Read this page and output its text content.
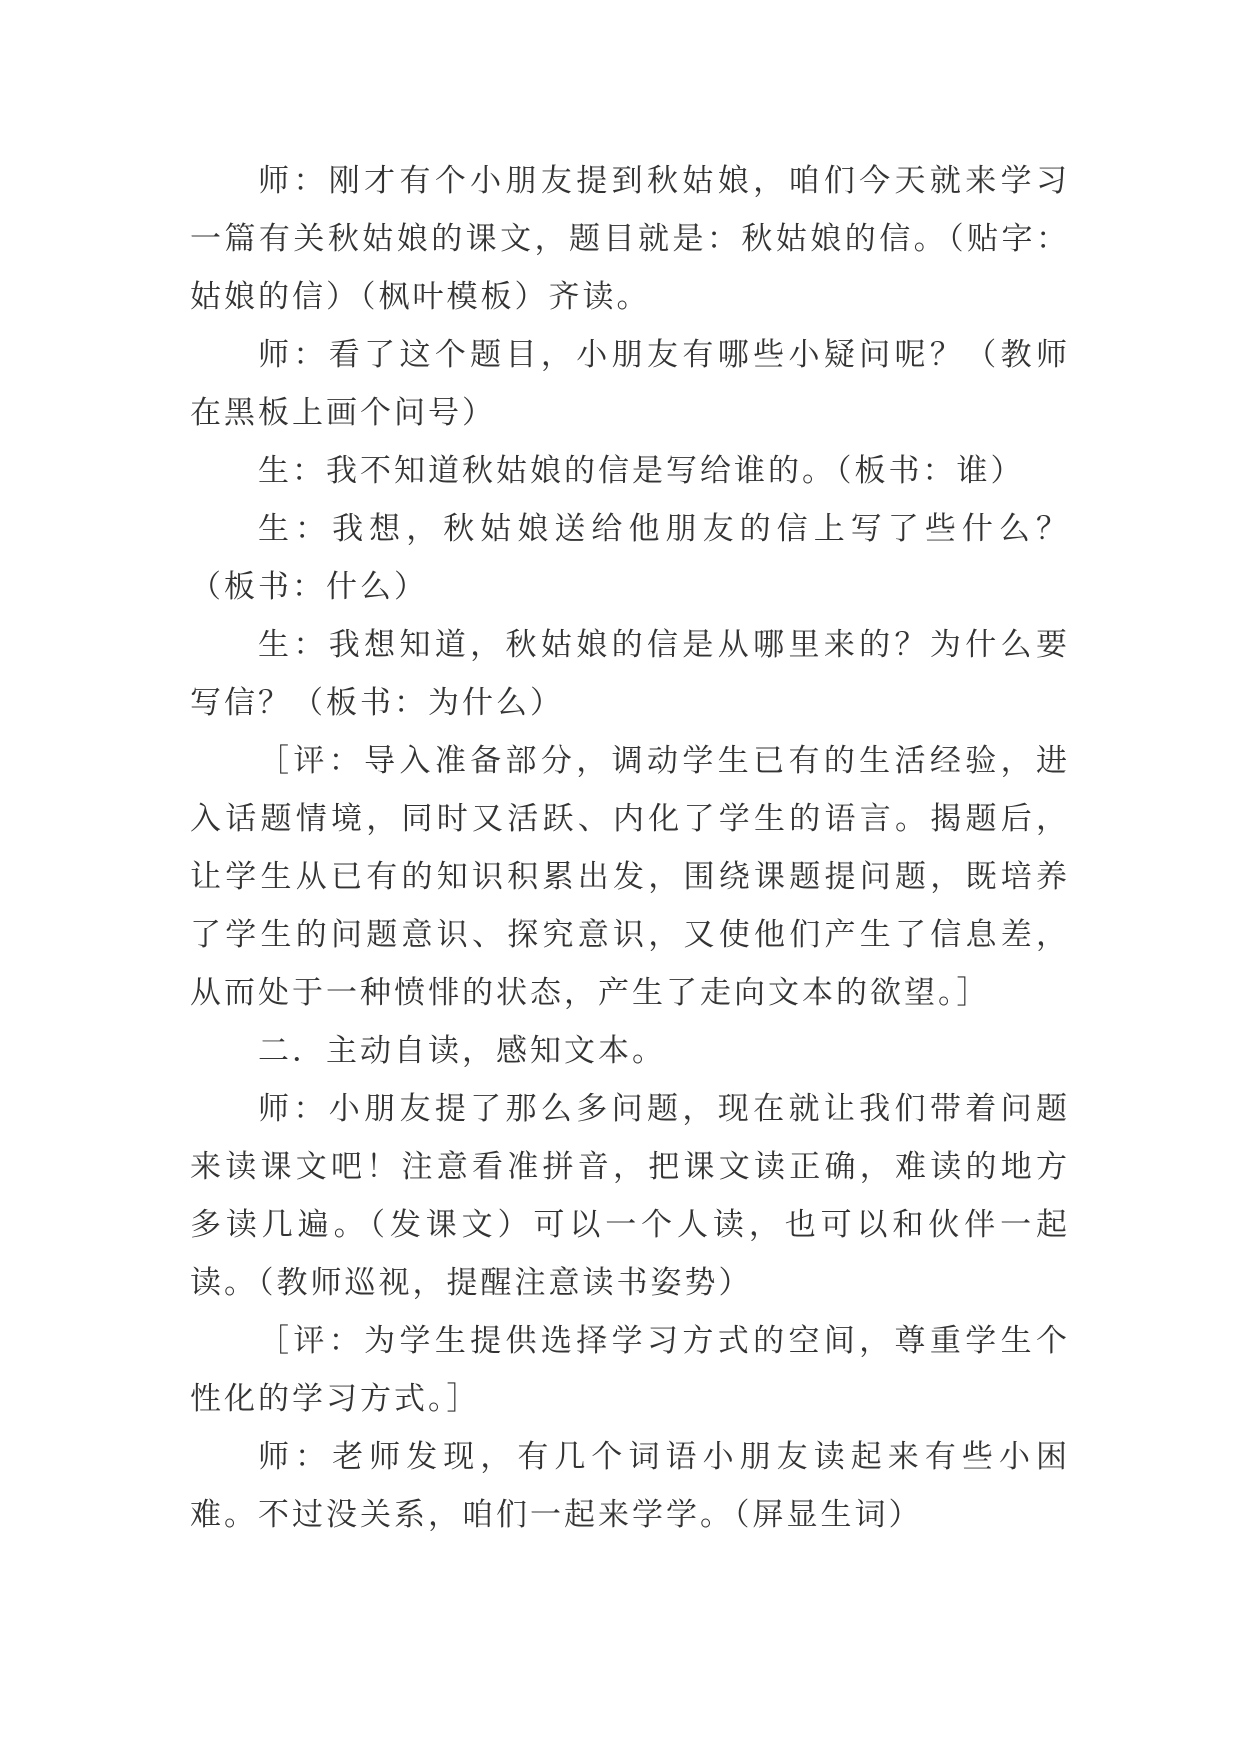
师：刚才有个小朋友提到秋姑娘，咱们今天就来学习一篇有关秋姑娘的课文，题目就是：秋姑娘的信。（贴字：姑娘的信）（枫叶模板）齐读。

师：看了这个题目，小朋友有哪些小疑问呢？（教师在黑板上画个问号）

生：我不知道秋姑娘的信是写给谁的。（板书：谁）

生：我想，秋姑娘送给他朋友的信上写了些什么？（板书：什么）

生：我想知道，秋姑娘的信是从哪里来的？为什么要写信？（板书：为什么）

［评：导入准备部分，调动学生已有的生活经验，进入话题情境，同时又活跃、内化了学生的语言。揭题后，让学生从已有的知识积累出发，围绕课题提问题，既培养了学生的问题意识、探究意识，又使他们产生了信息差，从而处于一种愤悱的状态，产生了走向文本的欲望。］

二．主动自读，感知文本。

师：小朋友提了那么多问题，现在就让我们带着问题来读课文吧！注意看准拼音，把课文读正确，难读的地方多读几遍。（发课文）可以一个人读，也可以和伙伴一起读。（教师巡视，提醒注意读书姿势）

［评：为学生提供选择学习方式的空间，尊重学生个性化的学习方式。］

师：老师发现，有几个词语小朋友读起来有些小困难。不过没关系，咱们一起来学学。（屏显生词）
